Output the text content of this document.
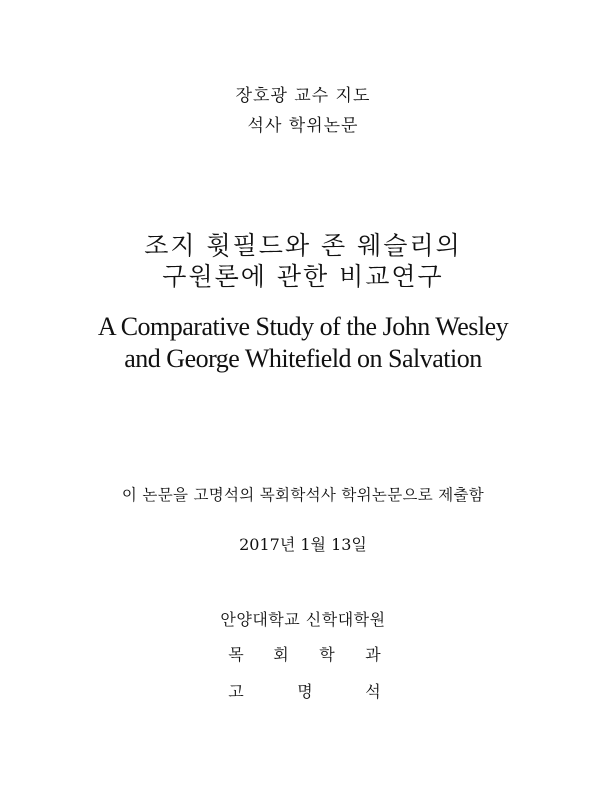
장호광 교수 지도
석사 학위논문
조지 휫필드와 존 웨슬리의
구원론에 관한 비교연구
A Comparative Study of the John Wesley
and George Whitefield on Salvation
이 논문을 고명석의 목회학석사 학위논문으로 제출함
2017년 1월 13일
안양대학교 신학대학원
목	회	학	과
고	명	석
